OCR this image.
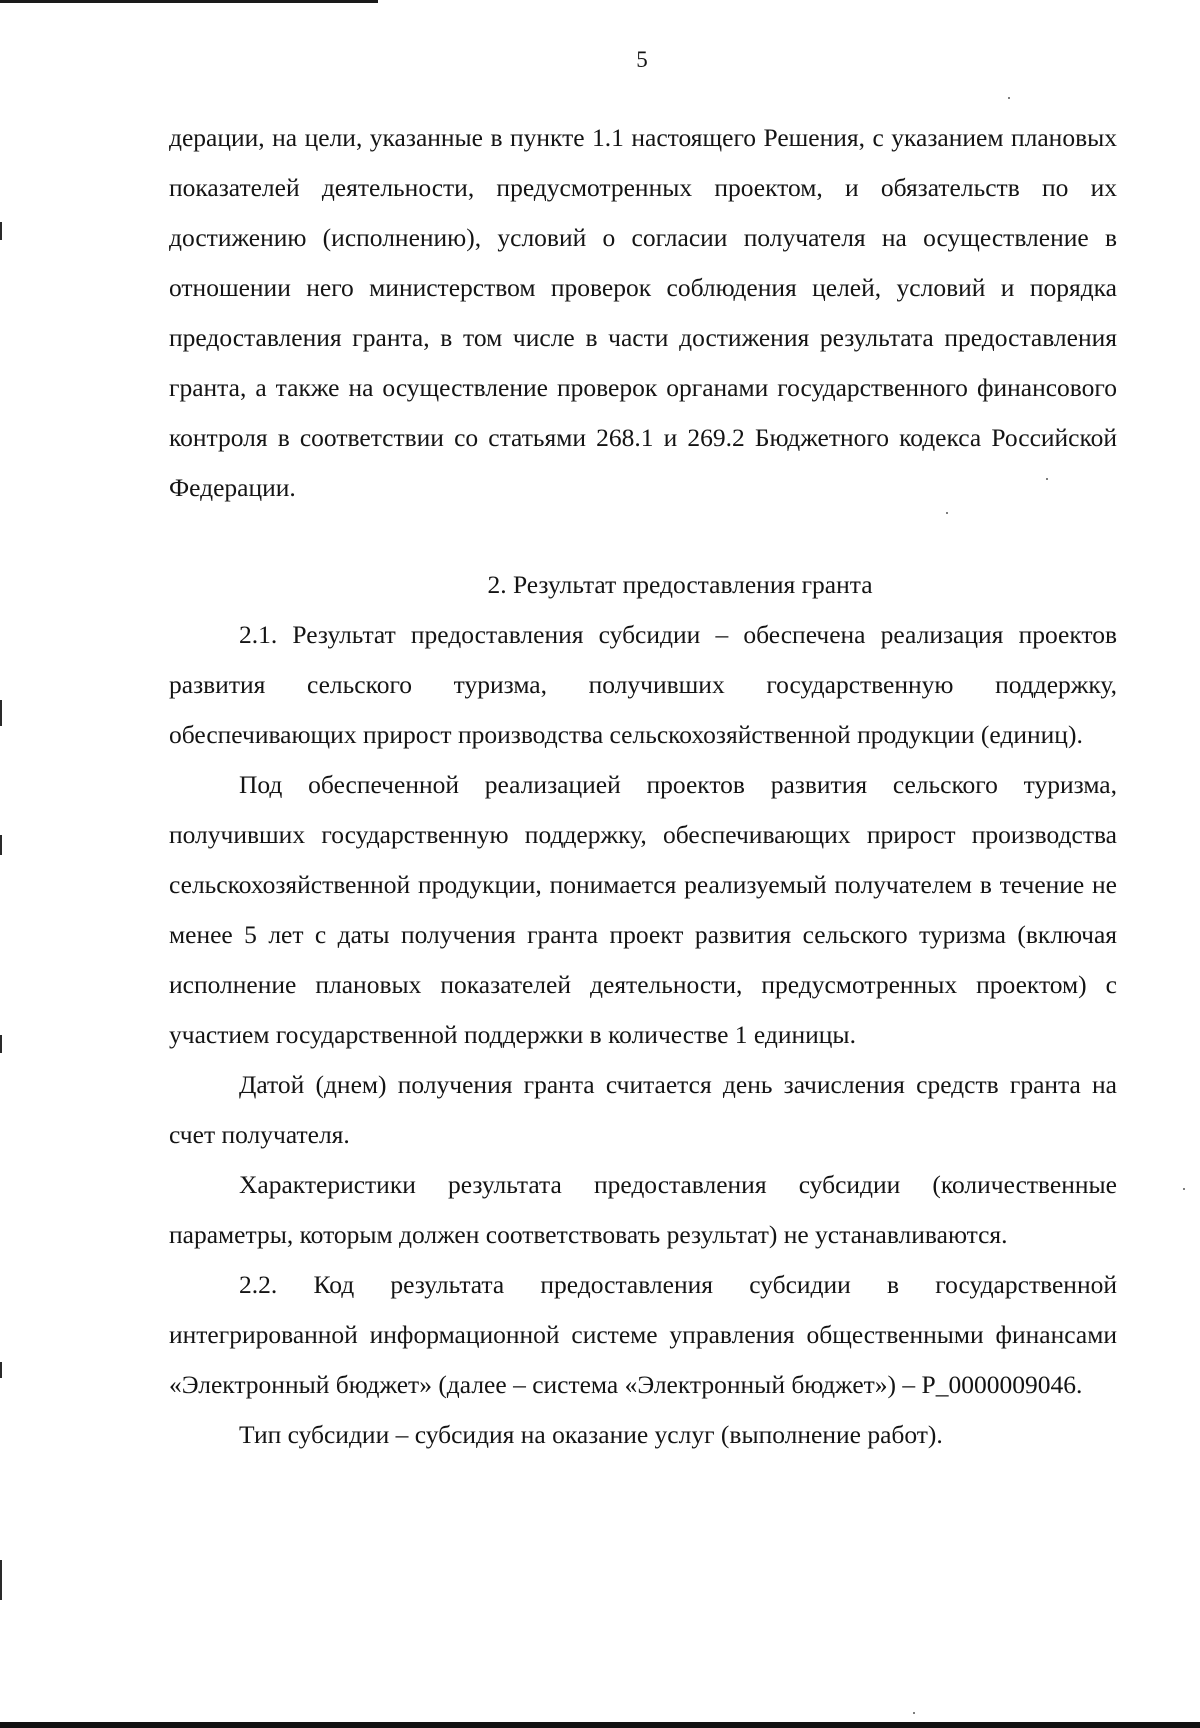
5
дерации, на цели, указанные в пункте 1.1 настоящего Решения, с указанием плановых показателей деятельности, предусмотренных проектом, и обязательств по их достижению (исполнению), условий о согласии получателя на осуществление в отношении него министерством проверок соблюдения целей, условий и порядка предоставления гранта, в том числе в части достижения результата предоставления гранта, а также на осуществление проверок органами государственного финансового контроля в соответствии со статьями 268.1 и 269.2 Бюджетного кодекса Российской Федерации.
2. Результат предоставления гранта

2.1. Результат предоставления субсидии – обеспечена реализация проектов развития сельского туризма, получивших государственную поддержку, обеспечивающих прирост производства сельскохозяйственной продукции (единиц).

Под обеспеченной реализацией проектов развития сельского туризма, получивших государственную поддержку, обеспечивающих прирост производства сельскохозяйственной продукции, понимается реализуемый получателем в течение не менее 5 лет с даты получения гранта проект развития сельского туризма (включая исполнение плановых показателей деятельности, предусмотренных проектом) с участием государственной поддержки в количестве 1 единицы.

Датой (днем) получения гранта считается день зачисления средств гранта на счет получателя.

Характеристики результата предоставления субсидии (количественные параметры, которым должен соответствовать результат) не устанавливаются.

2.2. Код результата предоставления субсидии в государственной интегрированной информационной системе управления общественными финансами «Электронный бюджет» (далее – система «Электронный бюджет») – P_0000009046.

Тип субсидии – субсидия на оказание услуг (выполнение работ).
